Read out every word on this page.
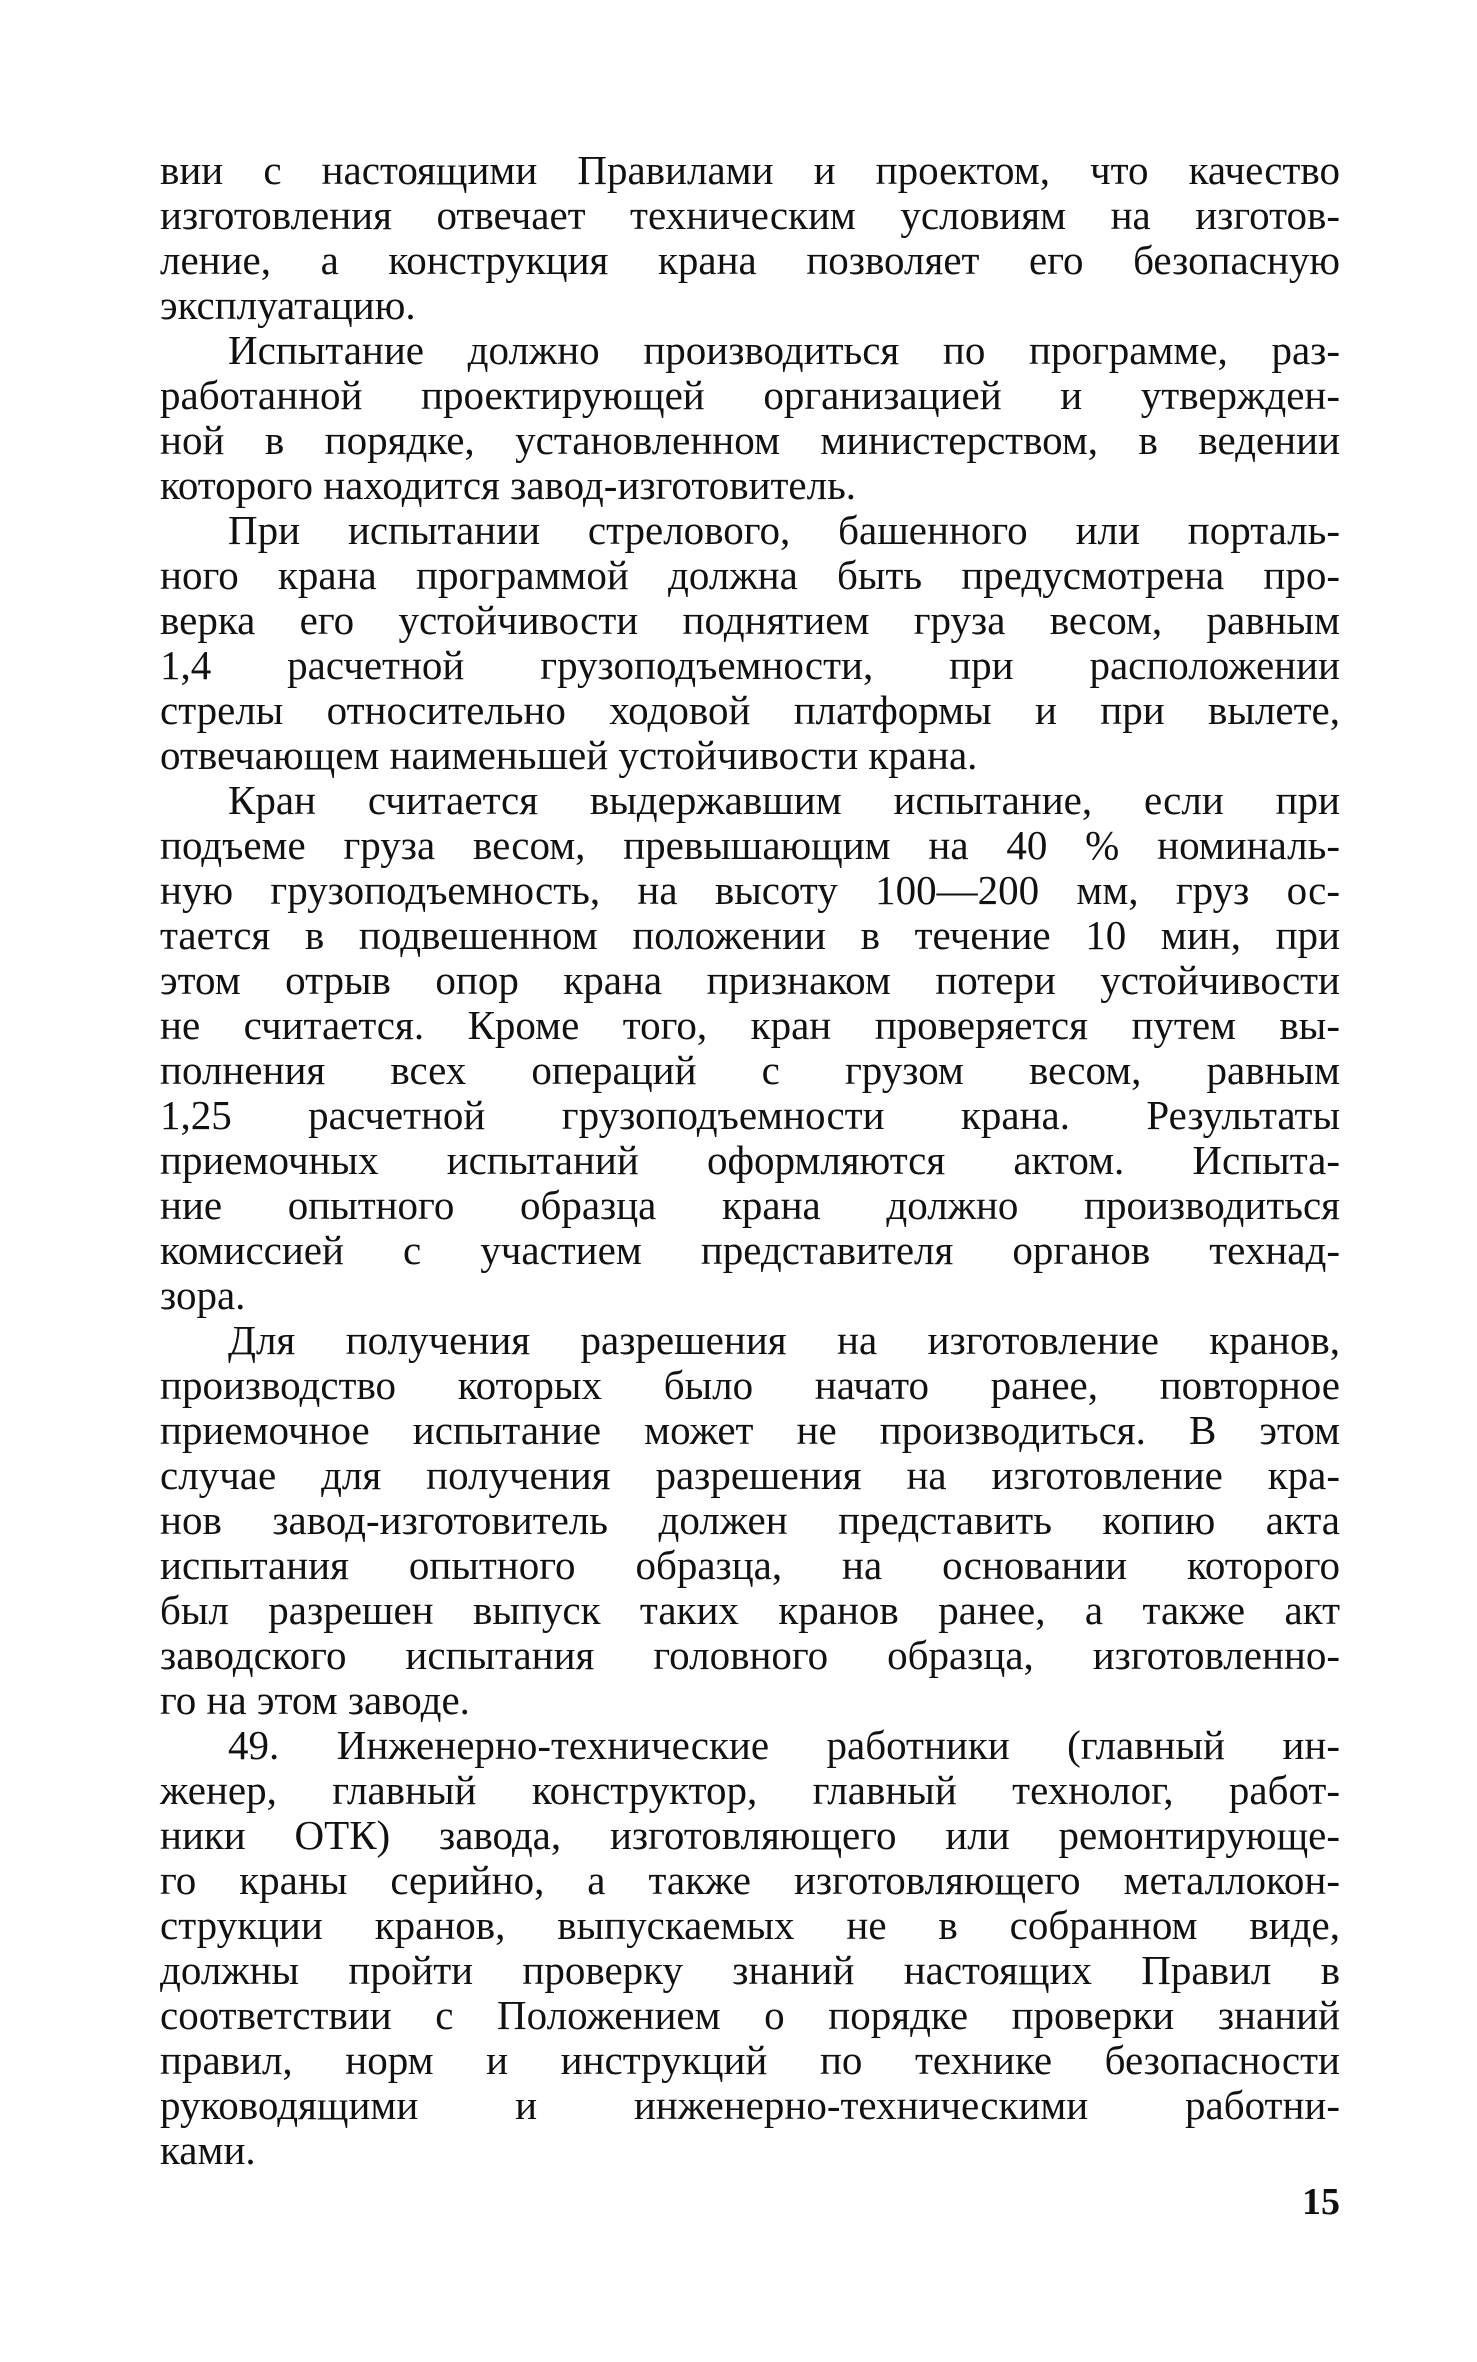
вии с настоящими Правилами и проектом, что качество
изготовления отвечает техническим условиям на изготов-
ление, а конструкция крана позволяет его безопасную
эксплуатацию.
Испытание должно производиться по программе, раз-
работанной проектирующей организацией и утвержден-
ной в порядке, установленном министерством, в ведении
которого находится завод-изготовитель.
При испытании стрелового, башенного или порталь-
ного крана программой должна быть предусмотрена про-
верка его устойчивости поднятием груза весом, равным
1,4 расчетной грузоподъемности, при расположении
стрелы относительно ходовой платформы и при вылете,
отвечающем наименьшей устойчивости крана.
Кран считается выдержавшим испытание, если при
подъеме груза весом, превышающим на 40 % номиналь-
ную грузоподъемность, на высоту 100—200 мм, груз ос-
тается в подвешенном положении в течение 10 мин, при
этом отрыв опор крана признаком потери устойчивости
не считается. Кроме того, кран проверяется путем вы-
полнения всех операций с грузом весом, равным
1,25 расчетной грузоподъемности крана. Результаты
приемочных испытаний оформляются актом. Испыта-
ние опытного образца крана должно производиться
комиссией с участием представителя органов технад-
зора.
Для получения разрешения на изготовление кранов,
производство которых было начато ранее, повторное
приемочное испытание может не производиться. В этом
случае для получения разрешения на изготовление кра-
нов завод-изготовитель должен представить копию акта
испытания опытного образца, на основании которого
был разрешен выпуск таких кранов ранее, а также акт
заводского испытания головного образца, изготовленно-
го на этом заводе.
49. Инженерно-технические работники (главный ин-
женер, главный конструктор, главный технолог, работ-
ники ОТК) завода, изготовляющего или ремонтирующе-
го краны серийно, а также изготовляющего металлокон-
струкции кранов, выпускаемых не в собранном виде,
должны пройти проверку знаний настоящих Правил в
соответствии с Положением о порядке проверки знаний
правил, норм и инструкций по технике безопасности
руководящими и инженерно-техническими работни-
ками.
15
